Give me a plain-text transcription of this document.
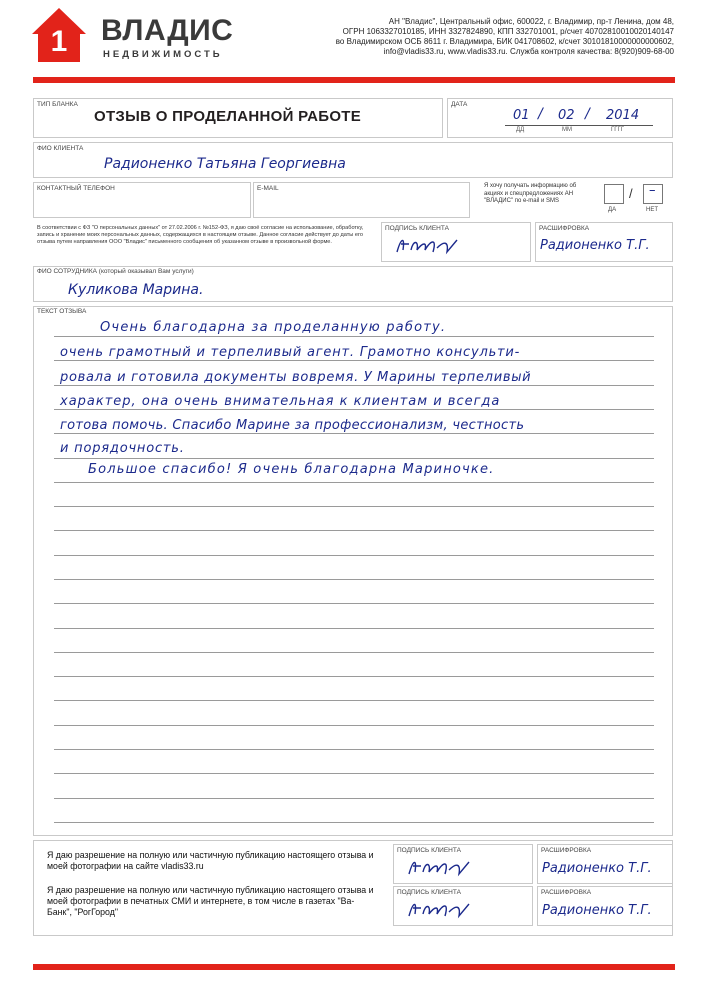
1 ВЛАДИС
НЕДВИЖИМОСТЬ
АН "Владис", Центральный офис, 600022, г. Владимир, пр-т Ленина, дом 48,
ОГРН 1063327010185, ИНН 3327824890, КПП 332701001, р/счет 40702810010020140147
во Владимирском ОСБ 8611 г. Владимира, БИК 041708602, к/счет 30101810000000000602,
info@vladis33.ru, www.vladis33.ru. Служба контроля качества: 8(920)909-68-00
ТИП БЛАНКА
ОТЗЫВ О ПРОДЕЛАННОЙ РАБОТЕ
ДАТА
01 / 02 / 2014
ДД	ММ	ГГГГ
ФИО КЛИЕНТА
Радионенко Татьяна Георгиевна
КОНТАКТНЫЙ ТЕЛЕФОН	E-MAIL	Я хочу получать информацию об акциях и спецпредложениях АН "ВЛАДИС" по e-mail и SMS	/ –
ДА	НЕТ
В соответствии с ФЗ "О персональных данных" от 27.02.2006 г. №152-ФЗ, я даю своё согласие на использование, обработку, запись и хранение моих персональных данных, содержащихся в настоящем отзыве. Данное согласие действует до даты его отзыва путем направления ООО "Владис" письменного сообщения об указанном отзыве в произвольной форме.
ПОДПИСЬ КЛИЕНТА	РАСШИФРОВКА
Радионенко Т.Г.
ФИО СОТРУДНИКА (который оказывал Вам услуги)
Куликова Марина.
ТЕКСТ ОТЗЫВА
Очень благодарна за проделанную работу.
очень грамотный и терпеливый агент. Грамотно консульти-
ровала и готовила документы вовремя. У Марины терпеливый
характер, она очень внимательная к клиентам и всегда
готова помочь. Спасибо Марине за профессионализм, честность
и порядочность.
Большое спасибо! Я очень благодарна Мариночке.
Я даю разрешение на полную или частичную публикацию настоящего отзыва и моей фотографии на сайте vladis33.ru
Я даю разрешение на полную или частичную публикацию настоящего отзыва и моей фотографии в печатных СМИ и интернете, в том числе в газетах "Ва-Банк", "РогГород"
ПОДПИСЬ КЛИЕНТА	РАСШИФРОВКА
Радионенко Т.Г.
ПОДПИСЬ КЛИЕНТА	РАСШИФРОВКА
Радионенко Т.Г.
